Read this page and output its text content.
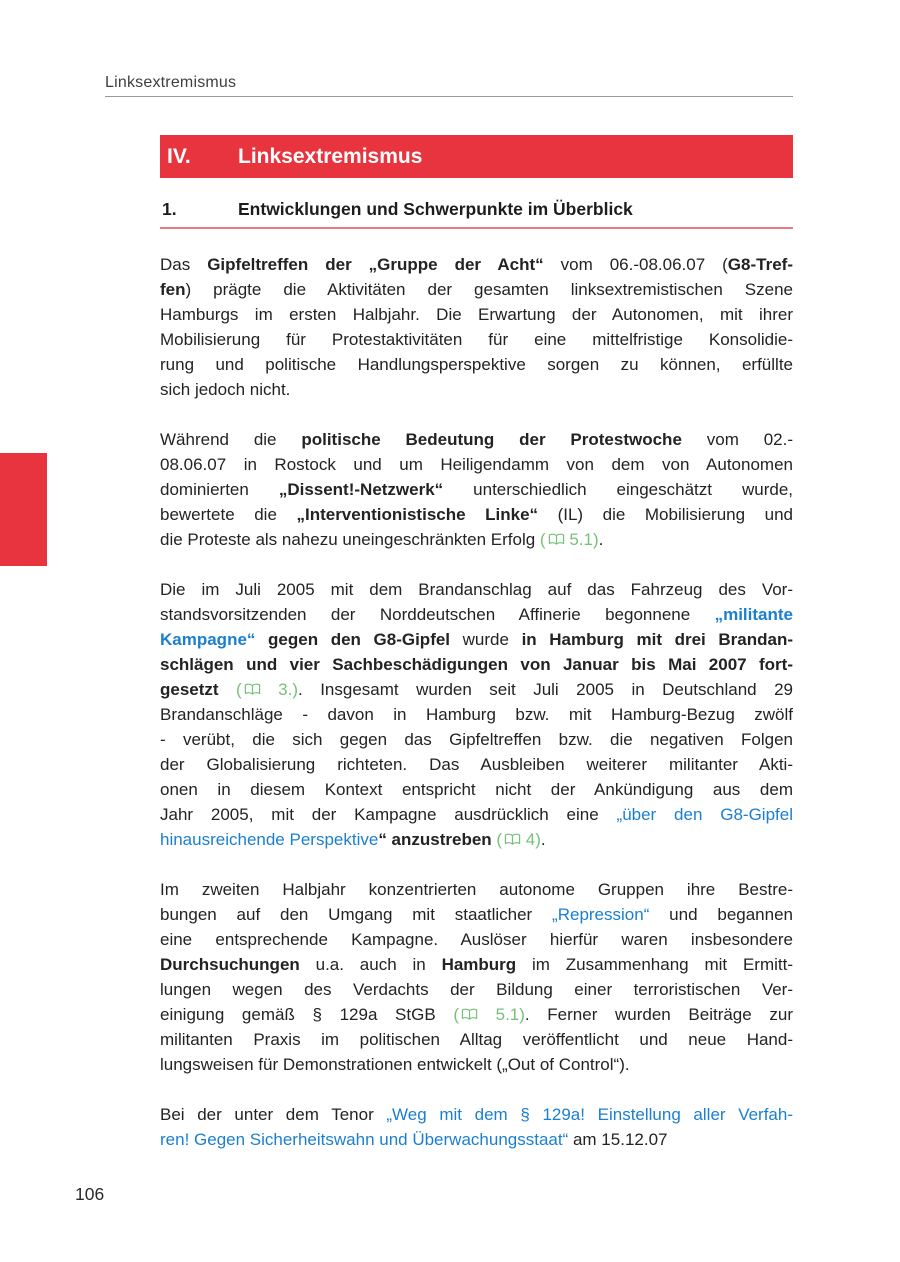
Linksextremismus
IV.	Linksextremismus
1.	Entwicklungen und Schwerpunkte im Überblick
Das Gipfeltreffen der „Gruppe der Acht“ vom 06.-08.06.07 (G8-Tref-
fen) prägte die Aktivitäten der gesamten linksextremistischen Szene
Hamburgs im ersten Halbjahr. Die Erwartung der Autonomen, mit ihrer
Mobilisierung für Protestaktivitäten für eine mittelfristige Konsolidie-
rung und politische Handlungsperspektive sorgen zu können, erfüllte
sich jedoch nicht.
Während die politische Bedeutung der Protestwoche vom 02.-
08.06.07 in Rostock und um Heiligendamm von dem von Autonomen
dominierten „Dissent!-Netzwerk“ unterschiedlich eingeschätzt wurde,
bewertete die „Interventionistische Linke“ (IL) die Mobilisierung und
die Proteste als nahezu uneingeschränkten Erfolg ( 5.1).
Die im Juli 2005 mit dem Brandanschlag auf das Fahrzeug des Vor-
standsvorsitzenden der Norddeutschen Affinerie begonnene „militante
Kampagne“ gegen den G8-Gipfel wurde in Hamburg mit drei Brandan-
schlägen und vier Sachbeschädigungen von Januar bis Mai 2007 fort-
gesetzt ( 3.). Insgesamt wurden seit Juli 2005 in Deutschland 29
Brandanschläge - davon in Hamburg bzw. mit Hamburg-Bezug zwölf
- verübt, die sich gegen das Gipfeltreffen bzw. die negativen Folgen
der Globalisierung richteten. Das Ausbleiben weiterer militanter Akti-
onen in diesem Kontext entspricht nicht der Ankündigung aus dem
Jahr 2005, mit der Kampagne ausdrücklich eine „über den G8-Gipfel
hinausreichende Perspektive“ anzustreben ( 4).
Im zweiten Halbjahr konzentrierten autonome Gruppen ihre Bestre-
bungen auf den Umgang mit staatlicher „Repression“ und begannen
eine entsprechende Kampagne. Auslöser hierfür waren insbesondere
Durchsuchungen u.a. auch in Hamburg im Zusammenhang mit Ermitt-
lungen wegen des Verdachts der Bildung einer terroristischen Ver-
einigung gemäß § 129a StGB ( 5.1). Ferner wurden Beiträge zur
militanten Praxis im politischen Alltag veröffentlicht und neue Hand-
lungsweisen für Demonstrationen entwickelt („Out of Control“).
Bei der unter dem Tenor „Weg mit dem § 129a! Einstellung aller Verfah-
ren! Gegen Sicherheitswahn und Überwachungsstaat“ am 15.12.07
106
